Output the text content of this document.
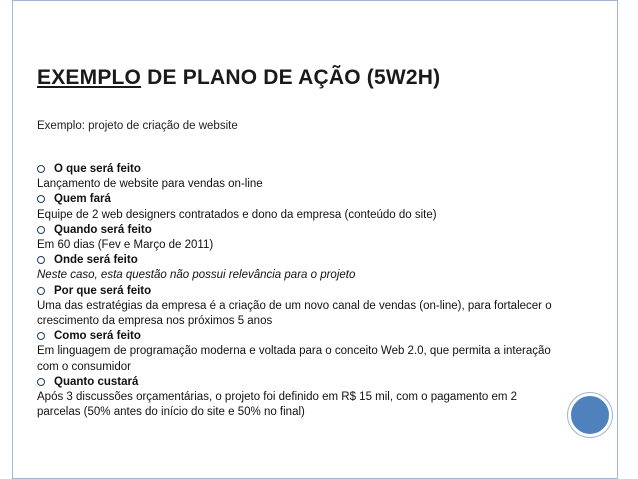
EXEMPLO DE PLANO DE AÇÃO (5W2H)
Exemplo: projeto de criação de website
O que será feito
Lançamento de website para vendas on-line
Quem fará
Equipe de 2 web designers contratados e dono da empresa (conteúdo do site)
Quando será feito
Em 60 dias (Fev e Março de 2011)
Onde será feito
Neste caso, esta questão não possui relevância para o projeto
Por que será feito
Uma das estratégias da empresa é a criação de um novo canal de vendas (on-line), para fortalecer o crescimento da empresa nos próximos 5 anos
Como será feito
Em linguagem de programação moderna e voltada para o conceito Web 2.0, que permita a interação com o consumidor
Quanto custará
Após 3 discussões orçamentárias, o projeto foi definido em R$ 15 mil, com o pagamento em 2 parcelas (50% antes do início do site e 50% no final)
